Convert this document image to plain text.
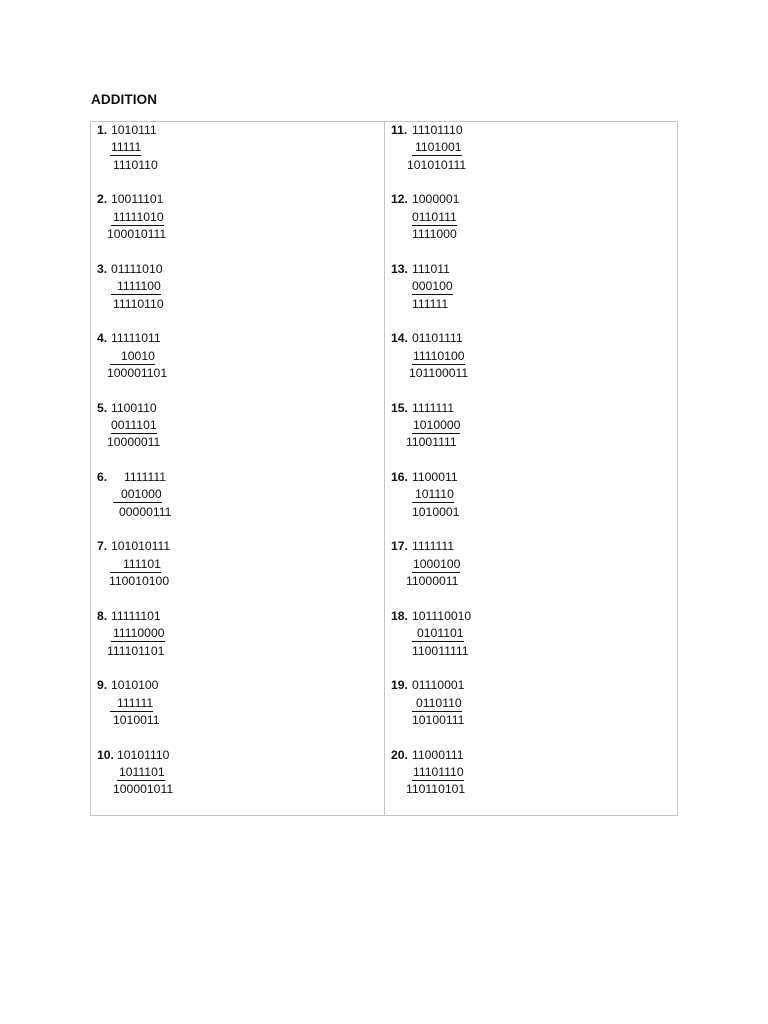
ADDITION
1. 1010111
11111
1110110
2. 10011101
11111010
100010111
3. 01111010
1111100
11110110
4. 11111011
10010
100001101
5. 1100110
0011101
10000011
6. 1111111
001000
00000111
7. 101010111
111101
110010100
8. 11111101
11110000
111101101
9. 1010100
111111
1010011
10. 10101110
1011101
100001011
11. 11101110
1101001
101010111
12. 1000001
0110111
1111000
13. 111011
000100
111111
14. 01101111
11110100
101100011
15. 1111111
1010000
11001111
16. 1100011
101110
1010001
17. 1111111
1000100
11000011
18. 101110010
0101101
110011111
19. 01110001
0110110
10100111
20. 11000111
11101110
110110101
